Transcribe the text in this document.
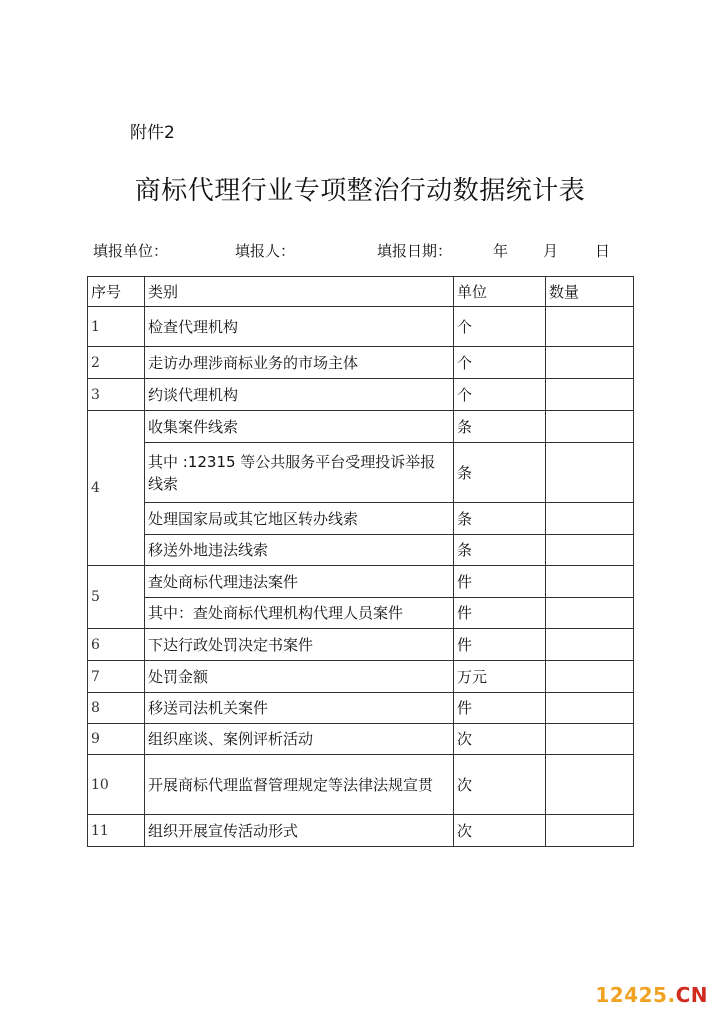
附件2
商标代理行业专项整治行动数据统计表
填报单位：	填报人：	填报日期：	年 月 日
序号	类别	单位	数量
1	检查代理机构	个	
2	走访办理涉商标业务的市场主体	个	
3	约谈代理机构	个	
4	收集案件线索	条	
	其中 :12315 等公共服务平台受理投诉举报线索	条	
	处理国家局或其它地区转办线索	条	
	移送外地违法线索	条	
5	查处商标代理违法案件	件	
	其中：查处商标代理机构代理人员案件	件	
6	下达行政处罚决定书案件	件	
7	处罚金额	万元	
8	移送司法机关案件	件	
9	组织座谈、案例评析活动	次	
10	开展商标代理监督管理规定等法律法规宣贯	次	
11	组织开展宣传活动形式	次	
12425.CN
